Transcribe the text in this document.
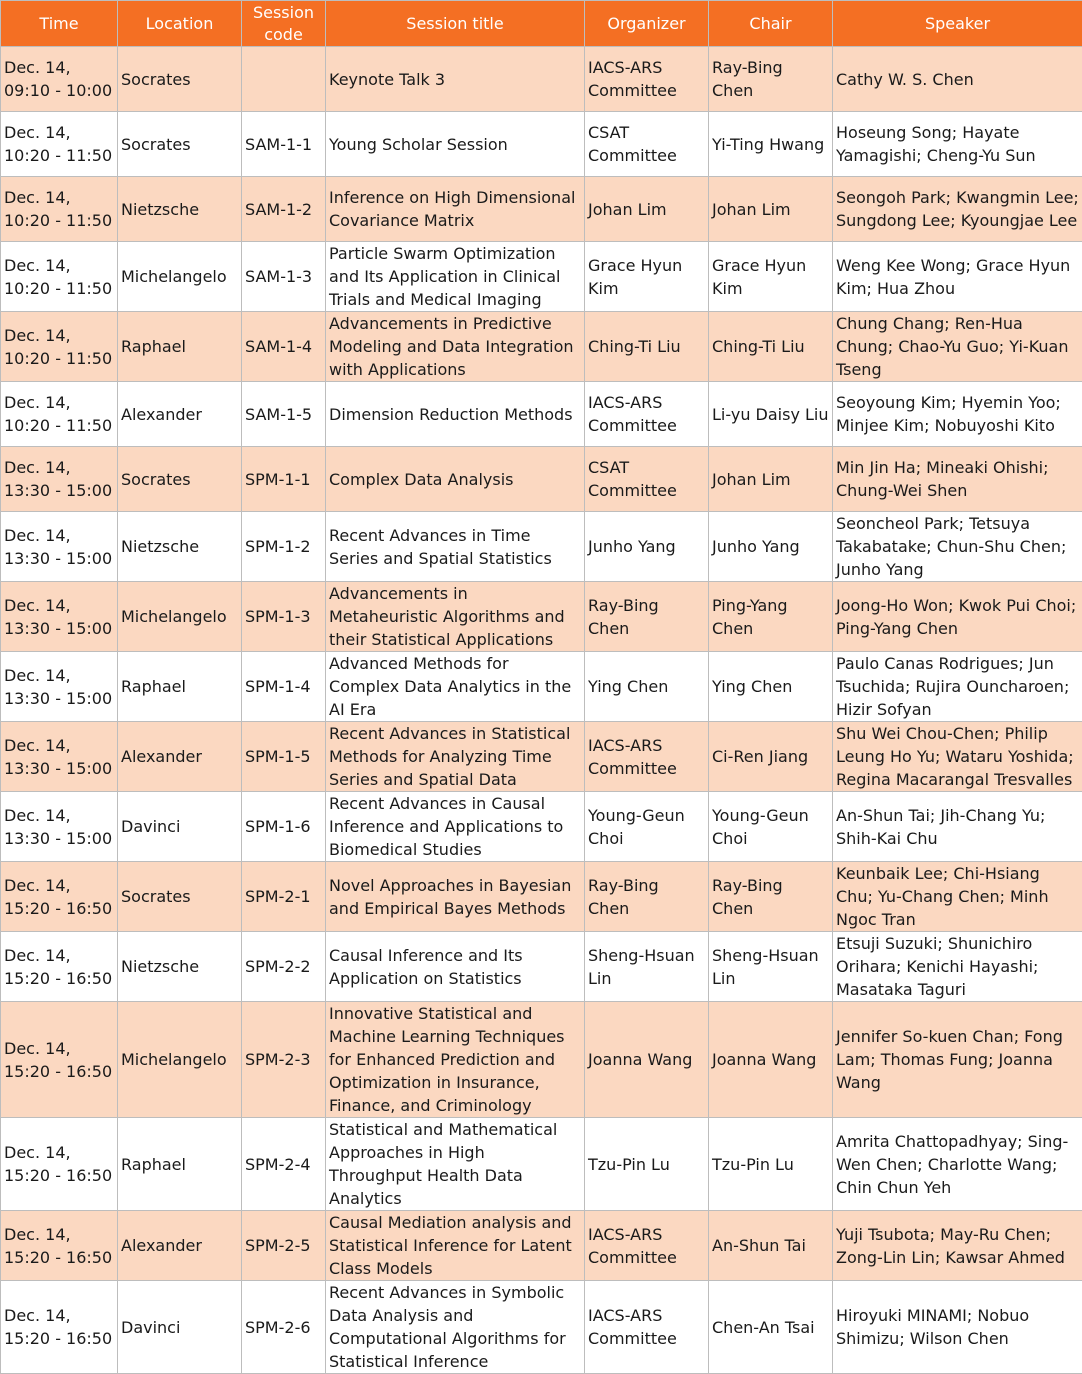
Time	Location	Session code	Session title	Organizer	Chair	Speaker
Dec. 14, 09:10 - 10:00	Socrates		Keynote Talk 3	IACS-ARS Committee	Ray-Bing Chen	Cathy W. S. Chen
Dec. 14, 10:20 - 11:50	Socrates	SAM-1-1	Young Scholar Session	CSAT Committee	Yi-Ting Hwang	Hoseung Song; Hayate Yamagishi; Cheng-Yu Sun
Dec. 14, 10:20 - 11:50	Nietzsche	SAM-1-2	Inference on High Dimensional Covariance Matrix	Johan Lim	Johan Lim	Seongoh Park; Kwangmin Lee; Sungdong Lee; Kyoungjae Lee
Dec. 14, 10:20 - 11:50	Michelangelo	SAM-1-3	Particle Swarm Optimization and Its Application in Clinical Trials and Medical Imaging	Grace Hyun Kim	Grace Hyun Kim	Weng Kee Wong; Grace Hyun Kim; Hua Zhou
Dec. 14, 10:20 - 11:50	Raphael	SAM-1-4	Advancements in Predictive Modeling and Data Integration with Applications	Ching-Ti Liu	Ching-Ti Liu	Chung Chang; Ren-Hua Chung; Chao-Yu Guo; Yi-Kuan Tseng
Dec. 14, 10:20 - 11:50	Alexander	SAM-1-5	Dimension Reduction Methods	IACS-ARS Committee	Li-yu Daisy Liu	Seoyoung Kim; Hyemin Yoo; Minjee Kim; Nobuyoshi Kito
Dec. 14, 13:30 - 15:00	Socrates	SPM-1-1	Complex Data Analysis	CSAT Committee	Johan Lim	Min Jin Ha; Mineaki Ohishi; Chung-Wei Shen
Dec. 14, 13:30 - 15:00	Nietzsche	SPM-1-2	Recent Advances in Time Series and Spatial Statistics	Junho Yang	Junho Yang	Seoncheol Park; Tetsuya Takabatake; Chun-Shu Chen; Junho Yang
Dec. 14, 13:30 - 15:00	Michelangelo	SPM-1-3	Advancements in Metaheuristic Algorithms and their Statistical Applications	Ray-Bing Chen	Ping-Yang Chen	Joong-Ho Won; Kwok Pui Choi; Ping-Yang Chen
Dec. 14, 13:30 - 15:00	Raphael	SPM-1-4	Advanced Methods for Complex Data Analytics in the AI Era	Ying Chen	Ying Chen	Paulo Canas Rodrigues; Jun Tsuchida; Rujira Ouncharoen; Hizir Sofyan
Dec. 14, 13:30 - 15:00	Alexander	SPM-1-5	Recent Advances in Statistical Methods for Analyzing Time Series and Spatial Data	IACS-ARS Committee	Ci-Ren Jiang	Shu Wei Chou-Chen; Philip Leung Ho Yu; Wataru Yoshida; Regina Macarangal Tresvalles
Dec. 14, 13:30 - 15:00	Davinci	SPM-1-6	Recent Advances in Causal Inference and Applications to Biomedical Studies	Young-Geun Choi	Young-Geun Choi	An-Shun Tai; Jih-Chang Yu; Shih-Kai Chu
Dec. 14, 15:20 - 16:50	Socrates	SPM-2-1	Novel Approaches in Bayesian and Empirical Bayes Methods	Ray-Bing Chen	Ray-Bing Chen	Keunbaik Lee; Chi-Hsiang Chu; Yu-Chang Chen; Minh Ngoc Tran
Dec. 14, 15:20 - 16:50	Nietzsche	SPM-2-2	Causal Inference and Its Application on Statistics	Sheng-Hsuan Lin	Sheng-Hsuan Lin	Etsuji Suzuki; Shunichiro Orihara; Kenichi Hayashi; Masataka Taguri
Dec. 14, 15:20 - 16:50	Michelangelo	SPM-2-3	Innovative Statistical and Machine Learning Techniques for Enhanced Prediction and Optimization in Insurance, Finance, and Criminology	Joanna Wang	Joanna Wang	Jennifer So-kuen Chan; Fong Lam; Thomas Fung; Joanna Wang
Dec. 14, 15:20 - 16:50	Raphael	SPM-2-4	Statistical and Mathematical Approaches in High Throughput Health Data Analytics	Tzu-Pin Lu	Tzu-Pin Lu	Amrita Chattopadhyay; Sing-Wen Chen; Charlotte Wang; Chin Chun Yeh
Dec. 14, 15:20 - 16:50	Alexander	SPM-2-5	Causal Mediation analysis and Statistical Inference for Latent Class Models	IACS-ARS Committee	An-Shun Tai	Yuji Tsubota; May-Ru Chen; Zong-Lin Lin; Kawsar Ahmed
Dec. 14, 15:20 - 16:50	Davinci	SPM-2-6	Recent Advances in Symbolic Data Analysis and Computational Algorithms for Statistical Inference	IACS-ARS Committee	Chen-An Tsai	Hiroyuki MINAMI; Nobuo Shimizu; Wilson Chen
